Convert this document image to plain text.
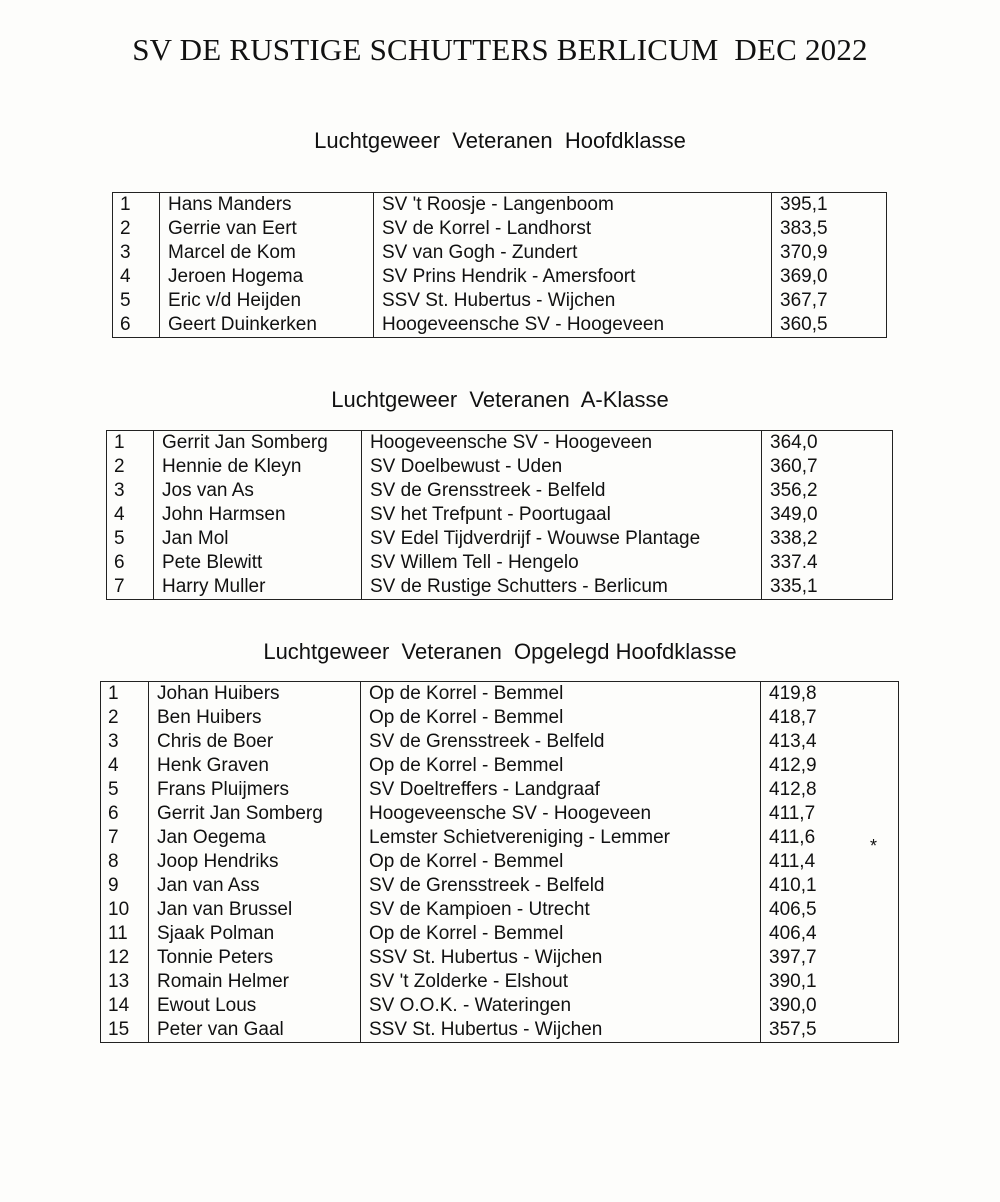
SV DE RUSTIGE SCHUTTERS BERLICUM  DEC 2022
Luchtgeweer  Veteranen  Hoofdklasse
1	Hans Manders	SV 't Roosje - Langenboom	395,1
2	Gerrie van Eert	SV de Korrel - Landhorst	383,5
3	Marcel de Kom	SV van Gogh - Zundert	370,9
4	Jeroen Hogema	SV Prins Hendrik - Amersfoort	369,0
5	Eric v/d Heijden	SSV St. Hubertus - Wijchen	367,7
6	Geert Duinkerken	Hoogeveensche SV - Hoogeveen	360,5
Luchtgeweer  Veteranen  A-Klasse
1	Gerrit Jan Somberg	Hoogeveensche SV - Hoogeveen	364,0
2	Hennie de Kleyn	SV Doelbewust - Uden	360,7
3	Jos van As	SV de Grensstreek - Belfeld	356,2
4	John Harmsen	SV het Trefpunt - Poortugaal	349,0
5	Jan Mol	SV Edel Tijdverdrijf - Wouwse Plantage	338,2
6	Pete Blewitt	SV Willem Tell - Hengelo	337.4
7	Harry Muller	SV de Rustige Schutters - Berlicum	335,1
Luchtgeweer  Veteranen  Opgelegd Hoofdklasse
1	Johan Huibers	Op de Korrel - Bemmel	419,8
2	Ben Huibers	Op de Korrel - Bemmel	418,7
3	Chris de Boer	SV de Grensstreek - Belfeld	413,4
4	Henk Graven	Op de Korrel - Bemmel	412,9
5	Frans Pluijmers	SV Doeltreffers - Landgraaf	412,8
6	Gerrit Jan Somberg	Hoogeveensche SV - Hoogeveen	411,7
7	Jan Oegema	Lemster Schietvereniging - Lemmer	411,6
8	Joop Hendriks	Op de Korrel - Bemmel	411,4
9	Jan van Ass	SV de Grensstreek - Belfeld	410,1
10	Jan van Brussel	SV de Kampioen - Utrecht	406,5
11	Sjaak Polman	Op de Korrel - Bemmel	406,4
12	Tonnie Peters	SSV St. Hubertus - Wijchen	397,7
13	Romain Helmer	SV 't Zolderke - Elshout	390,1
14	Ewout Lous	SV O.O.K. - Wateringen	390,0
15	Peter van Gaal	SSV St. Hubertus - Wijchen	357,5
*
